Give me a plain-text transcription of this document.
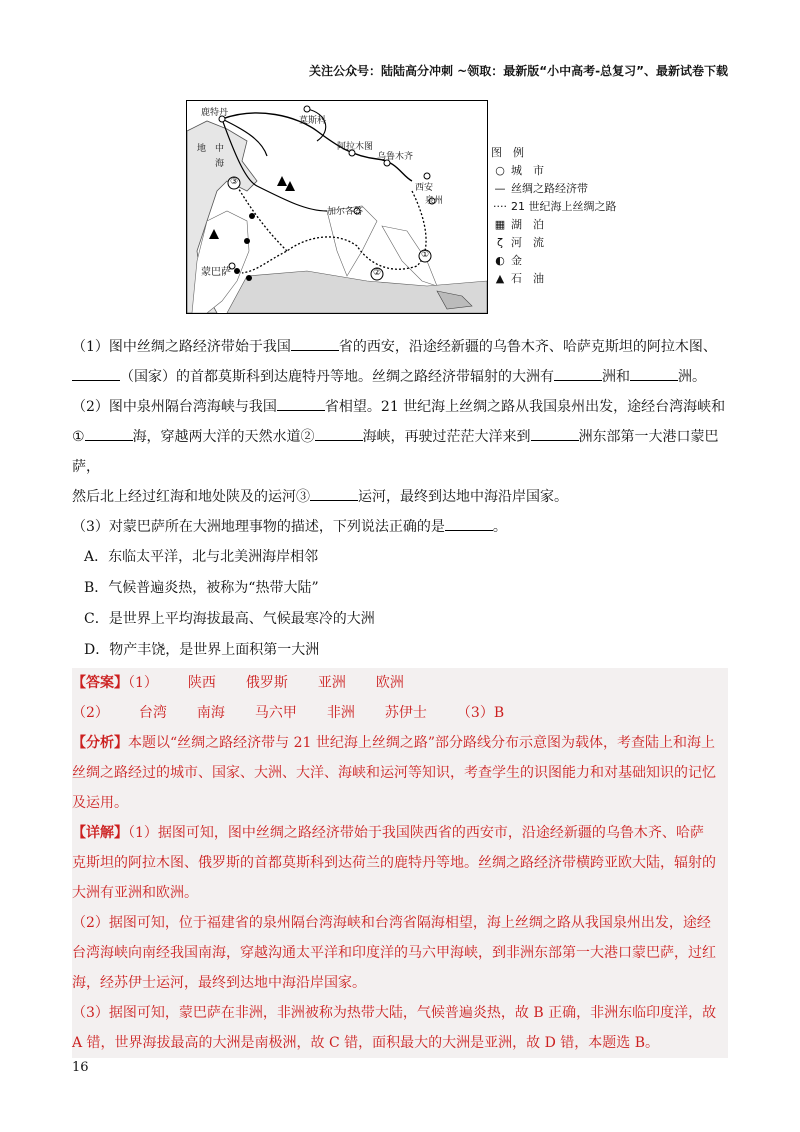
关注公众号：陆陆高分冲刺 ~领取：最新版“小中高考-总复习”、最新试卷下载
鹿特丹
莫斯科
阿拉木图
乌鲁木齐
西安
泉州
加尔各答
蒙巴萨
地 中
海
③
①
②
图　例
○ 城　市
— 丝绸之路经济带
···· 21 世纪海上丝绸之路
▦ 湖　泊
ζ 河　流
◐ 金
▲ 石　油

（1）图中丝绸之路经济带始于我国	省的西安，沿途经新疆的乌鲁木齐、哈萨克斯坦的阿拉木图、

（国家）的首都莫斯科到达鹿特丹等地。丝绸之路经济带辐射的大洲有	洲和	洲。

（2）图中泉州隔台湾海峡与我国	省相望。21 世纪海上丝绸之路从我国泉州出发，途经台湾海峡和

①	海，穿越两大洋的天然水道②	海峡，再驶过茫茫大洋来到	洲东部第一大港口蒙巴萨，

然后北上经过红海和地处陕及的运河③	运河，最终到达地中海沿岸国家。

（3）对蒙巴萨所在大洲地理事物的描述，下列说法正确的是	。

A．东临太平洋，北与北美洲海岸相邻

B．气候普遍炎热，被称为“热带大陆”

C．是世界上平均海拔最高、气候最寒冷的大洲

D．物产丰饶，是世界上面积第一大洲

【答案】（1） 陕西 俄罗斯 亚洲 欧洲

（2） 台湾 南海 马六甲 非洲 苏伊士 （3）B

【分析】本题以“丝绸之路经济带与 21 世纪海上丝绸之路”部分路线分布示意图为载体，考查陆上和海上

丝绸之路经过的城市、国家、大洲、大洋、海峡和运河等知识，考查学生的识图能力和对基础知识的记忆

及运用。

【详解】（1）据图可知，图中丝绸之路经济带始于我国陕西省的西安市，沿途经新疆的乌鲁木齐、哈萨

克斯坦的阿拉木图、俄罗斯的首都莫斯科到达荷兰的鹿特丹等地。丝绸之路经济带横跨亚欧大陆，辐射的

大洲有亚洲和欧洲。

（2）据图可知，位于福建省的泉州隔台湾海峡和台湾省隔海相望，海上丝绸之路从我国泉州出发，途经

台湾海峡向南经我国南海，穿越沟通太平洋和印度洋的马六甲海峡，到非洲东部第一大港口蒙巴萨，过红

海，经苏伊士运河，最终到达地中海沿岸国家。

（3）据图可知，蒙巴萨在非洲，非洲被称为热带大陆，气候普遍炎热，故 B 正确，非洲东临印度洋，故

A 错，世界海拔最高的大洲是南极洲，故 C 错，面积最大的大洲是亚洲，故 D 错，本题选 B。

16
